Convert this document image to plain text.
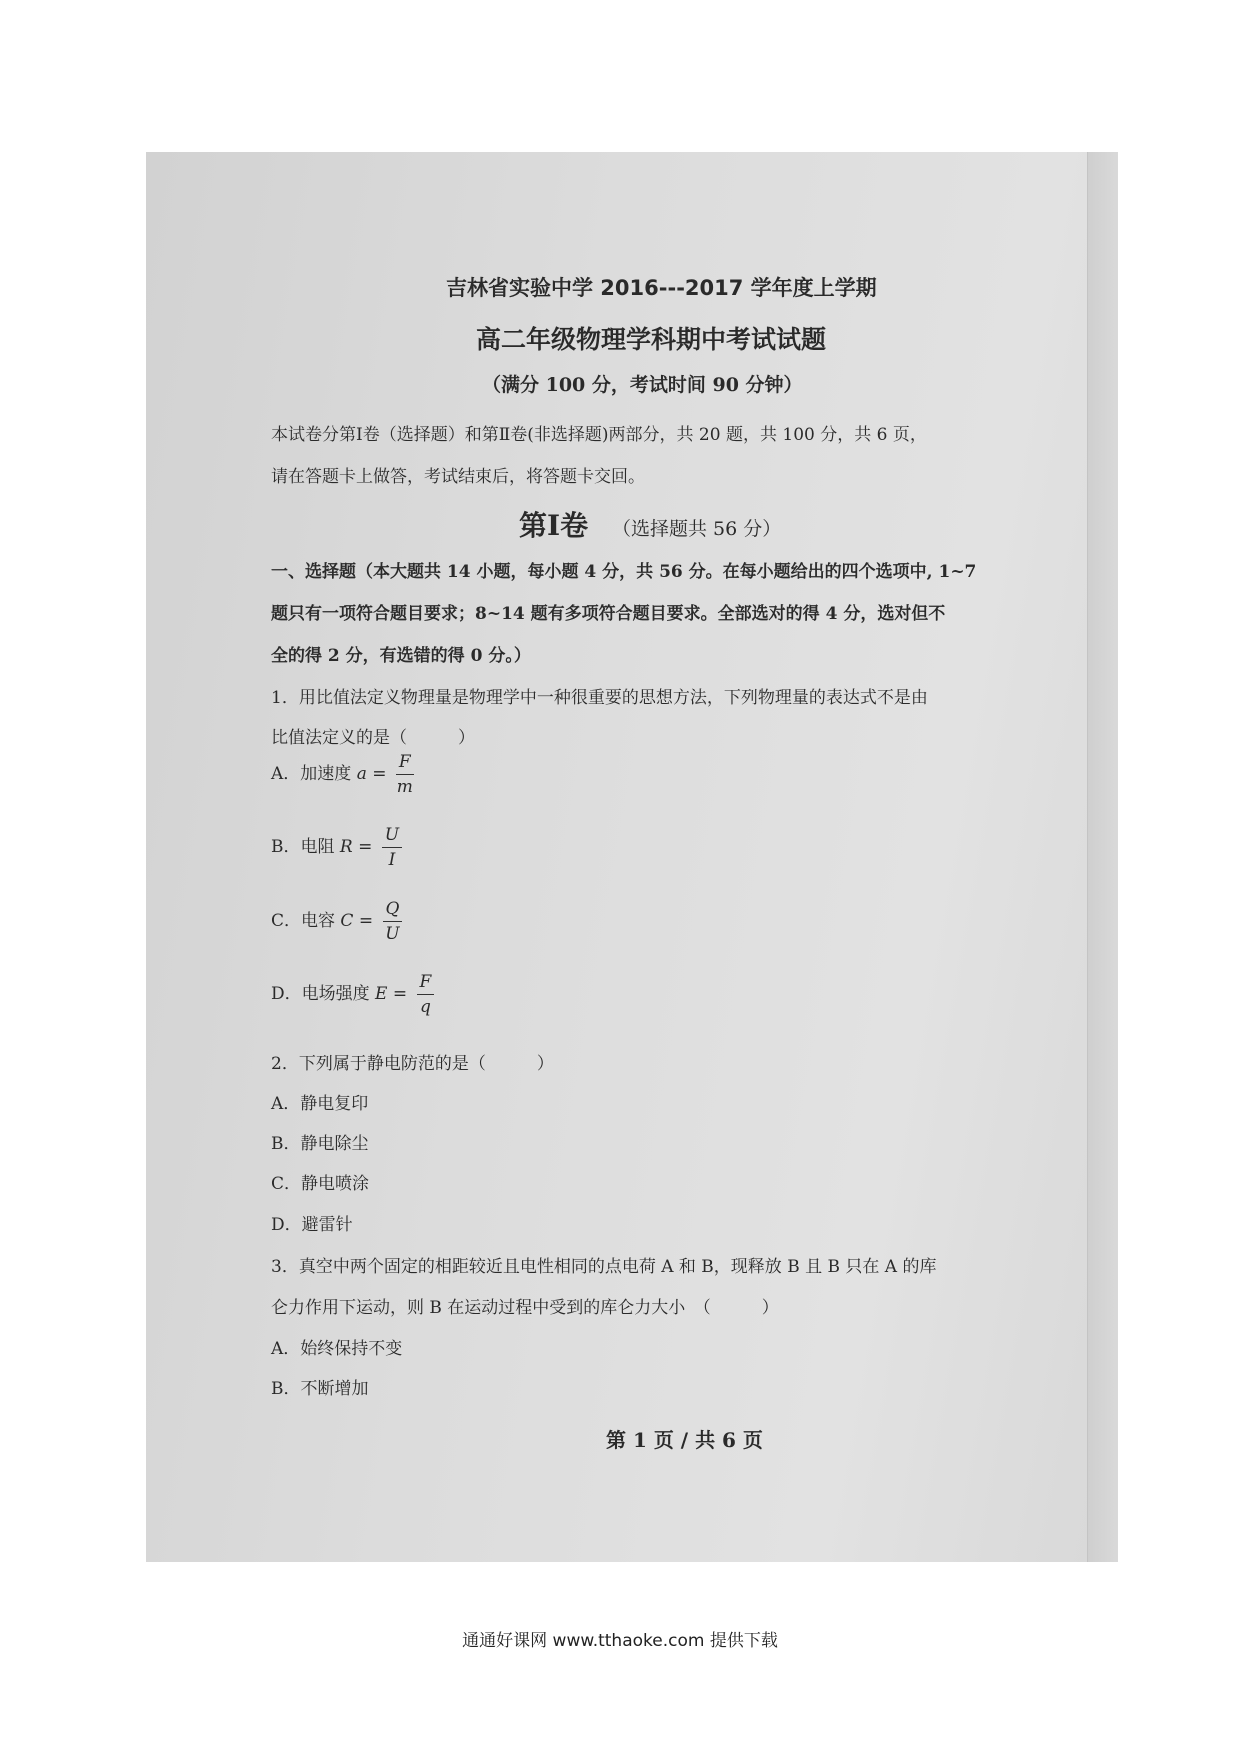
吉林省实验中学 2016---2017 学年度上学期
高二年级物理学科期中考试试题
（满分 100 分，考试时间 90 分钟）
本试卷分第Ⅰ卷（选择题）和第Ⅱ卷(非选择题)两部分，共 20 题，共 100 分，共 6 页，
请在答题卡上做答，考试结束后，将答题卡交回。
第Ⅰ卷 （选择题共 56 分）
一、选择题（本大题共 14 小题，每小题 4 分，共 56 分。在每小题给出的四个选项中, 1~7
题只有一项符合题目要求；8~14 题有多项符合题目要求。全部选对的得 4 分，选对但不
全的得 2 分，有选错的得 0 分。）
1．用比值法定义物理量是物理学中一种很重要的思想方法，下列物理量的表达式不是由
比值法定义的是（　　　）
A．加速度 $a = \frac{F}{m}$
B．电阻 $R = \frac{U}{I}$
C．电容 $C = \frac{Q}{U}$
D．电场强度 $E = \frac{F}{q}$
2．下列属于静电防范的是（　　　）
A．静电复印
B．静电除尘
C．静电喷涂
D．避雷针
3．真空中两个固定的相距较近且电性相同的点电荷 A 和 B，现释放 B 且 B 只在 A 的库
仑力作用下运动，则 B 在运动过程中受到的库仑力大小　（　　　）
A．始终保持不变
B．不断增加
第 1 页 / 共 6 页
通通好课网 www.tthaoke.com 提供下载
